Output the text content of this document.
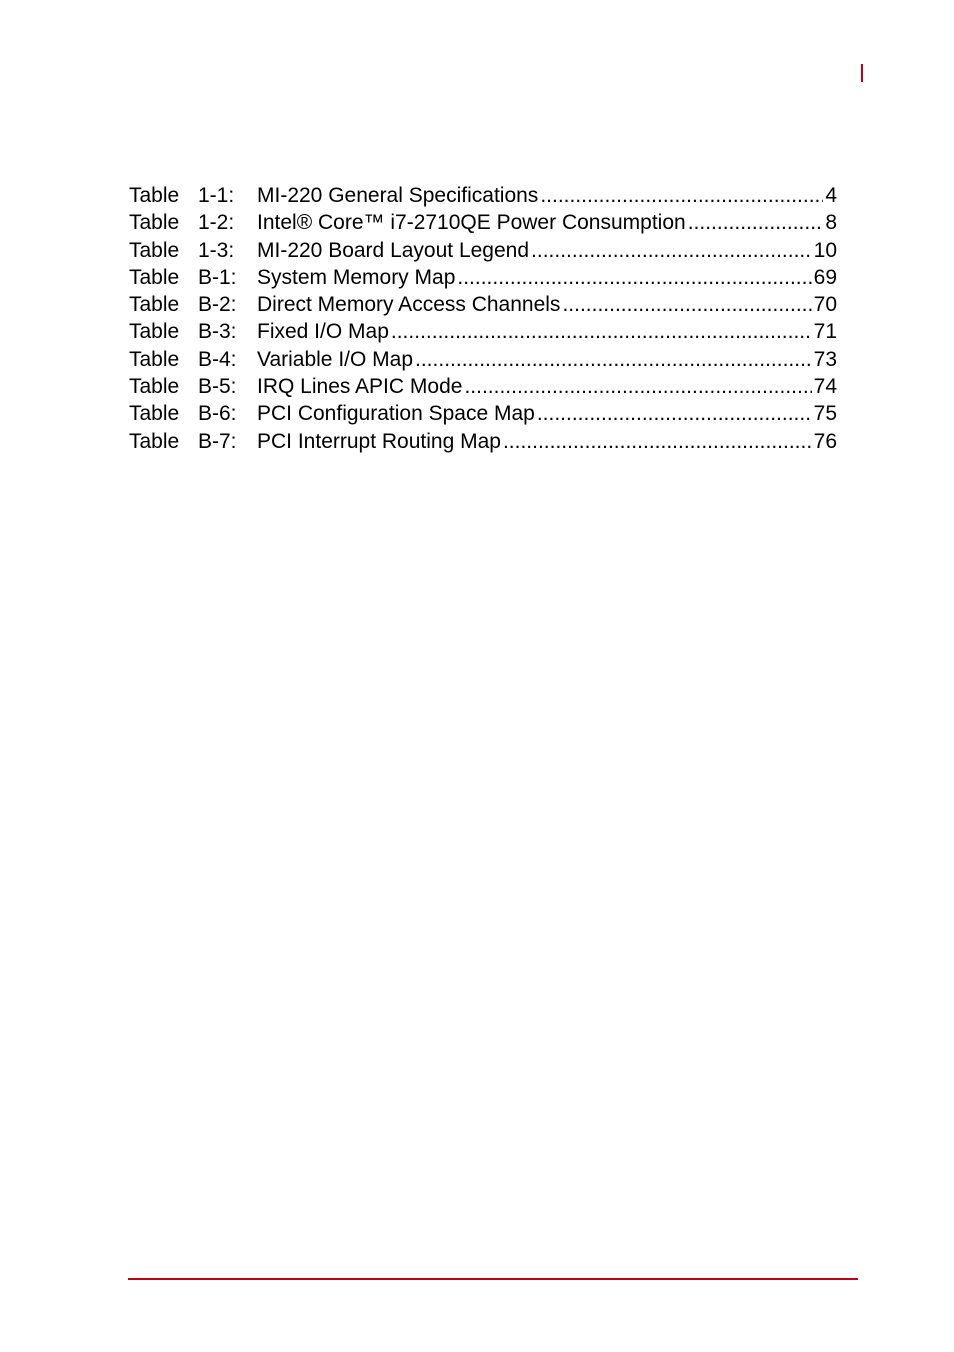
Table 1-1:	MI-220 General Specifications .....	4
Table 1-2:	Intel® Core™ i7-2710QE Power Consumption .....	8
Table 1-3:	MI-220 Board Layout Legend .....	10
Table B-1: System Memory Map .....	69
Table B-2: Direct Memory Access Channels .....	70
Table B-3: Fixed I/O Map .....	71
Table B-4: Variable I/O Map .....	73
Table B-5: IRQ Lines APIC Mode .....	74
Table B-6: PCI Configuration Space Map .....	75
Table B-7: PCI Interrupt Routing Map .....	76
